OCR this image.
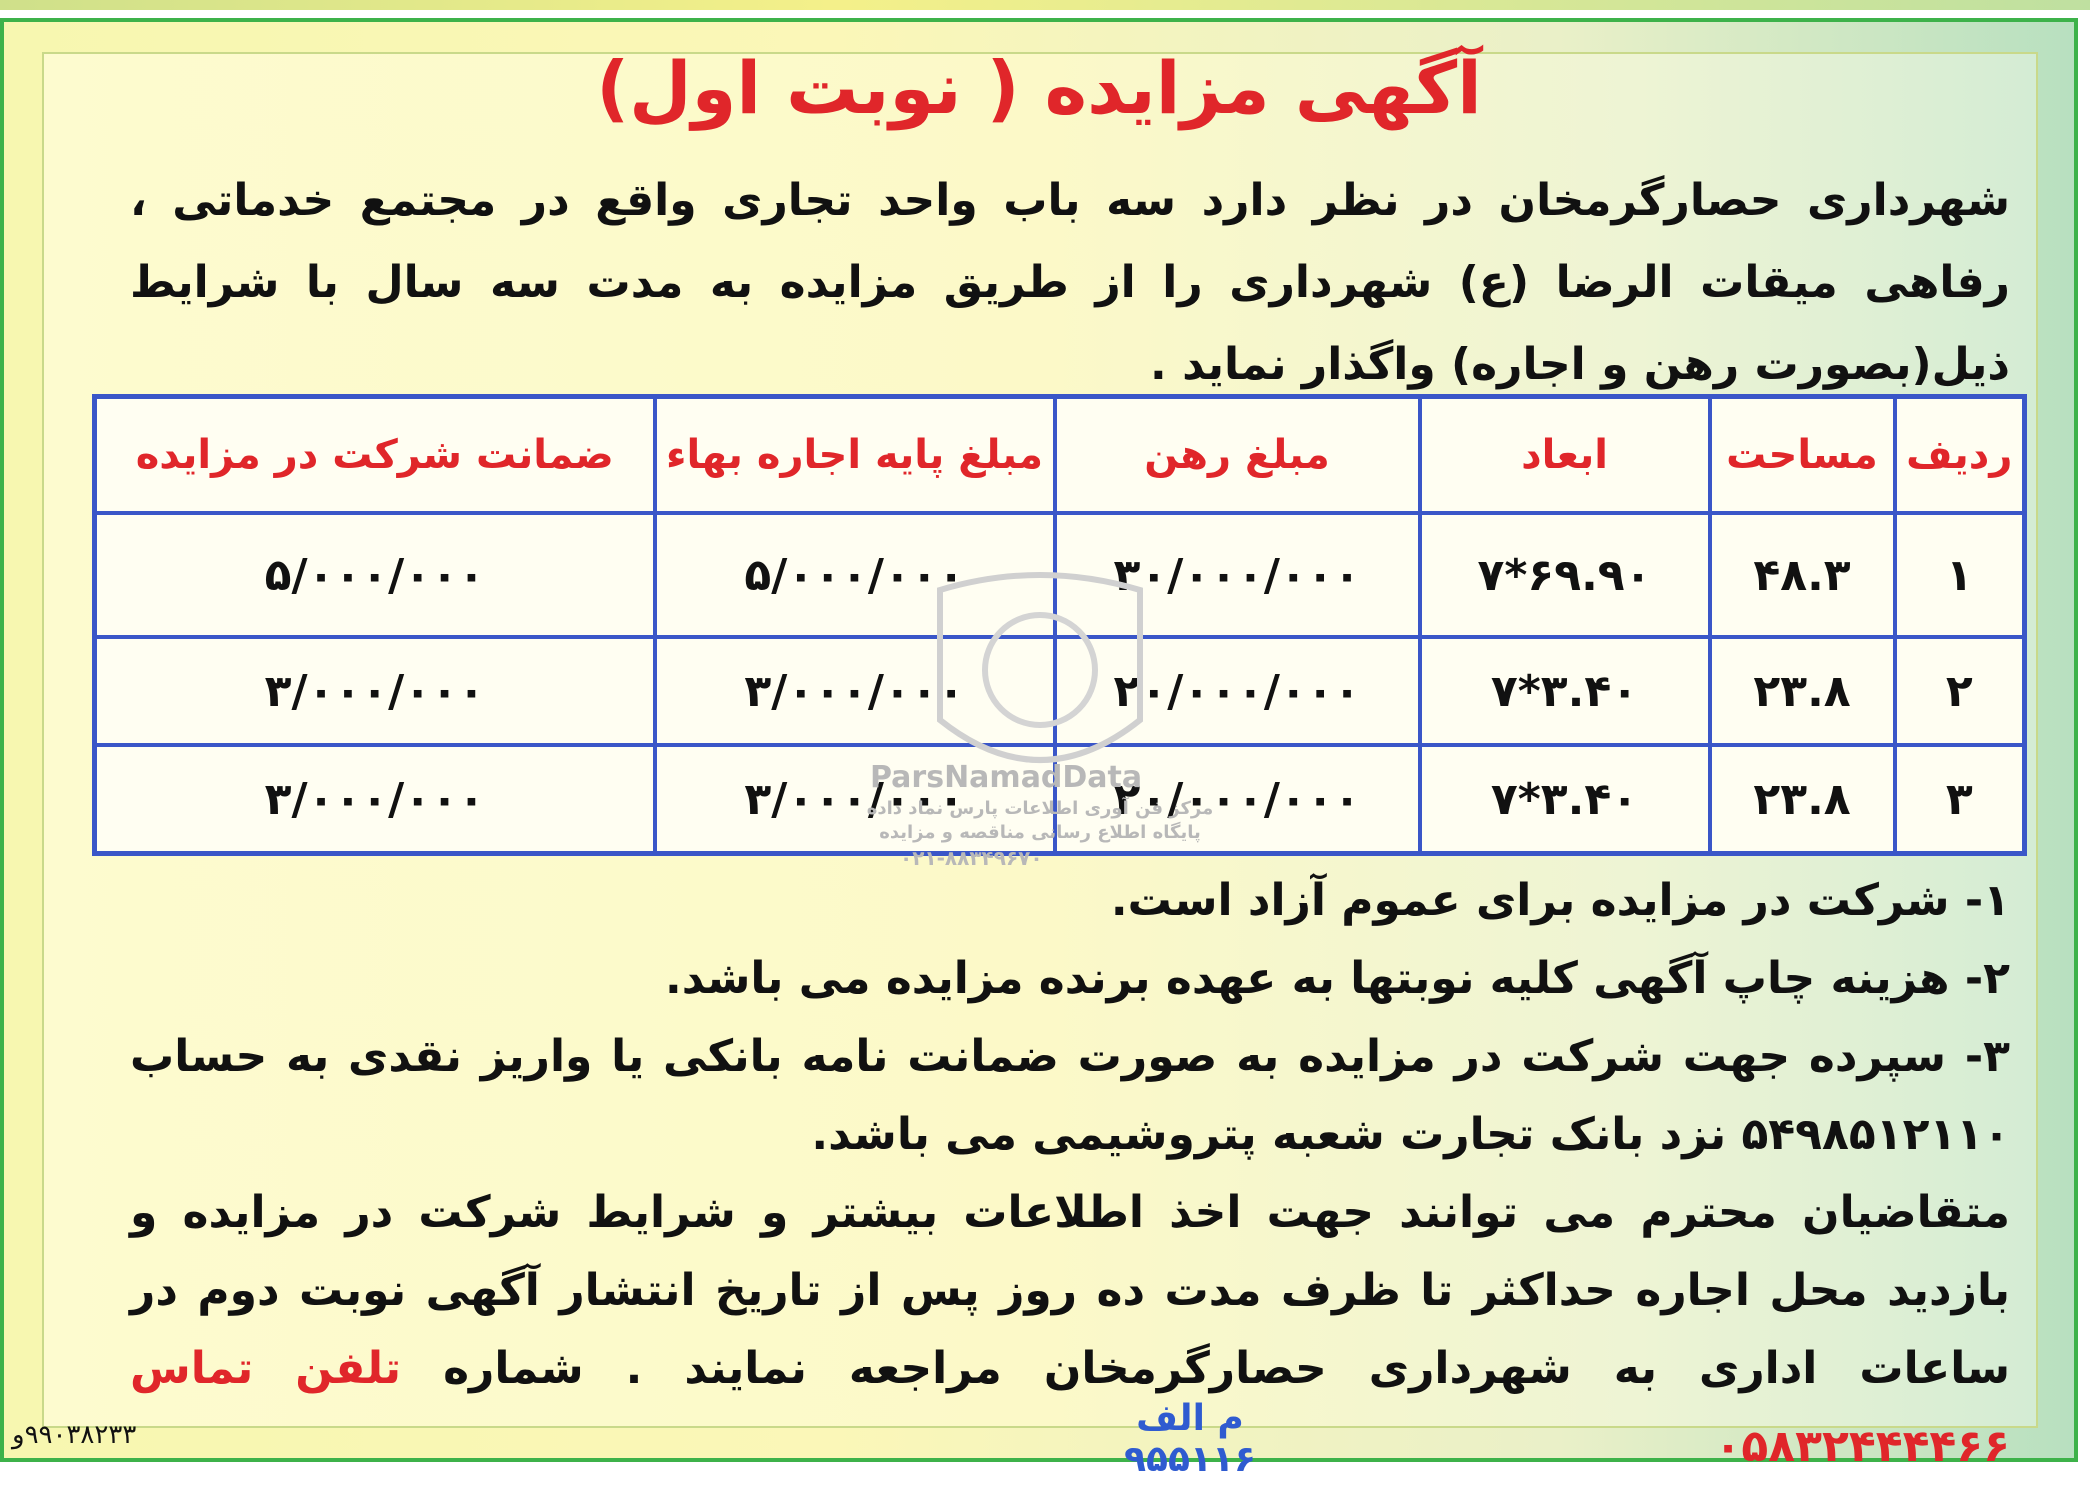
آگهی مزایده ( نوبت اول)
شهرداری حصارگرمخان در نظر دارد سه باب واحد تجاری واقع در مجتمع خدماتی ، رفاهی میقات الرضا (ع) شهرداری را از طریق مزایده به مدت سه سال با شرایط ذیل(بصورت رهن و اجاره) واگذار نماید .
ردیف	مساحت	ابعاد	مبلغ رهن	مبلغ پایه اجاره بهاء	ضمانت شرکت در مزایده
۱	۴۸.۳	۶۹.۹۰*۷	۳۰/۰۰۰/۰۰۰	۵/۰۰۰/۰۰۰	۵/۰۰۰/۰۰۰
۲	۲۳.۸	۳.۴۰*۷	۲۰/۰۰۰/۰۰۰	۳/۰۰۰/۰۰۰	۳/۰۰۰/۰۰۰
۳	۲۳.۸	۳.۴۰*۷	۲۰/۰۰۰/۰۰۰	۳/۰۰۰/۰۰۰	۳/۰۰۰/۰۰۰	ParsNamadData
مرکز فن آوری اطلاعات پارس نماد داده
پایگاه اطلاع رسانی مناقصه و مزایده
۰۲۱-۸۸۳۴۹۶۷۰

۱- شرکت در مزایده برای عموم آزاد است.

۲- هزینه چاپ آگهی کلیه نوبتها به عهده برنده مزایده می باشد.

۳- سپرده جهت شرکت در مزایده به صورت ضمانت نامه بانکی یا واریز نقدی به حساب ۵۴۹۸۵۱۲۱۱۰ نزد بانک تجارت شعبه پتروشیمی می باشد.

متقاضیان محترم می توانند جهت اخذ اطلاعات بیشتر و شرایط شرکت در مزایده و بازدید محل اجاره حداکثر تا ظرف مدت ده روز پس از تاریخ انتشار آگهی نوبت دوم در ساعات اداری به شهرداری حصارگرمخان مراجعه نمایند . شماره تلفن تماس ۰۵۸۳۲۴۴۴۴۶۶

م الف ۹۵۵۱۱۶
۹۹۰۳۸۲۳۳و
